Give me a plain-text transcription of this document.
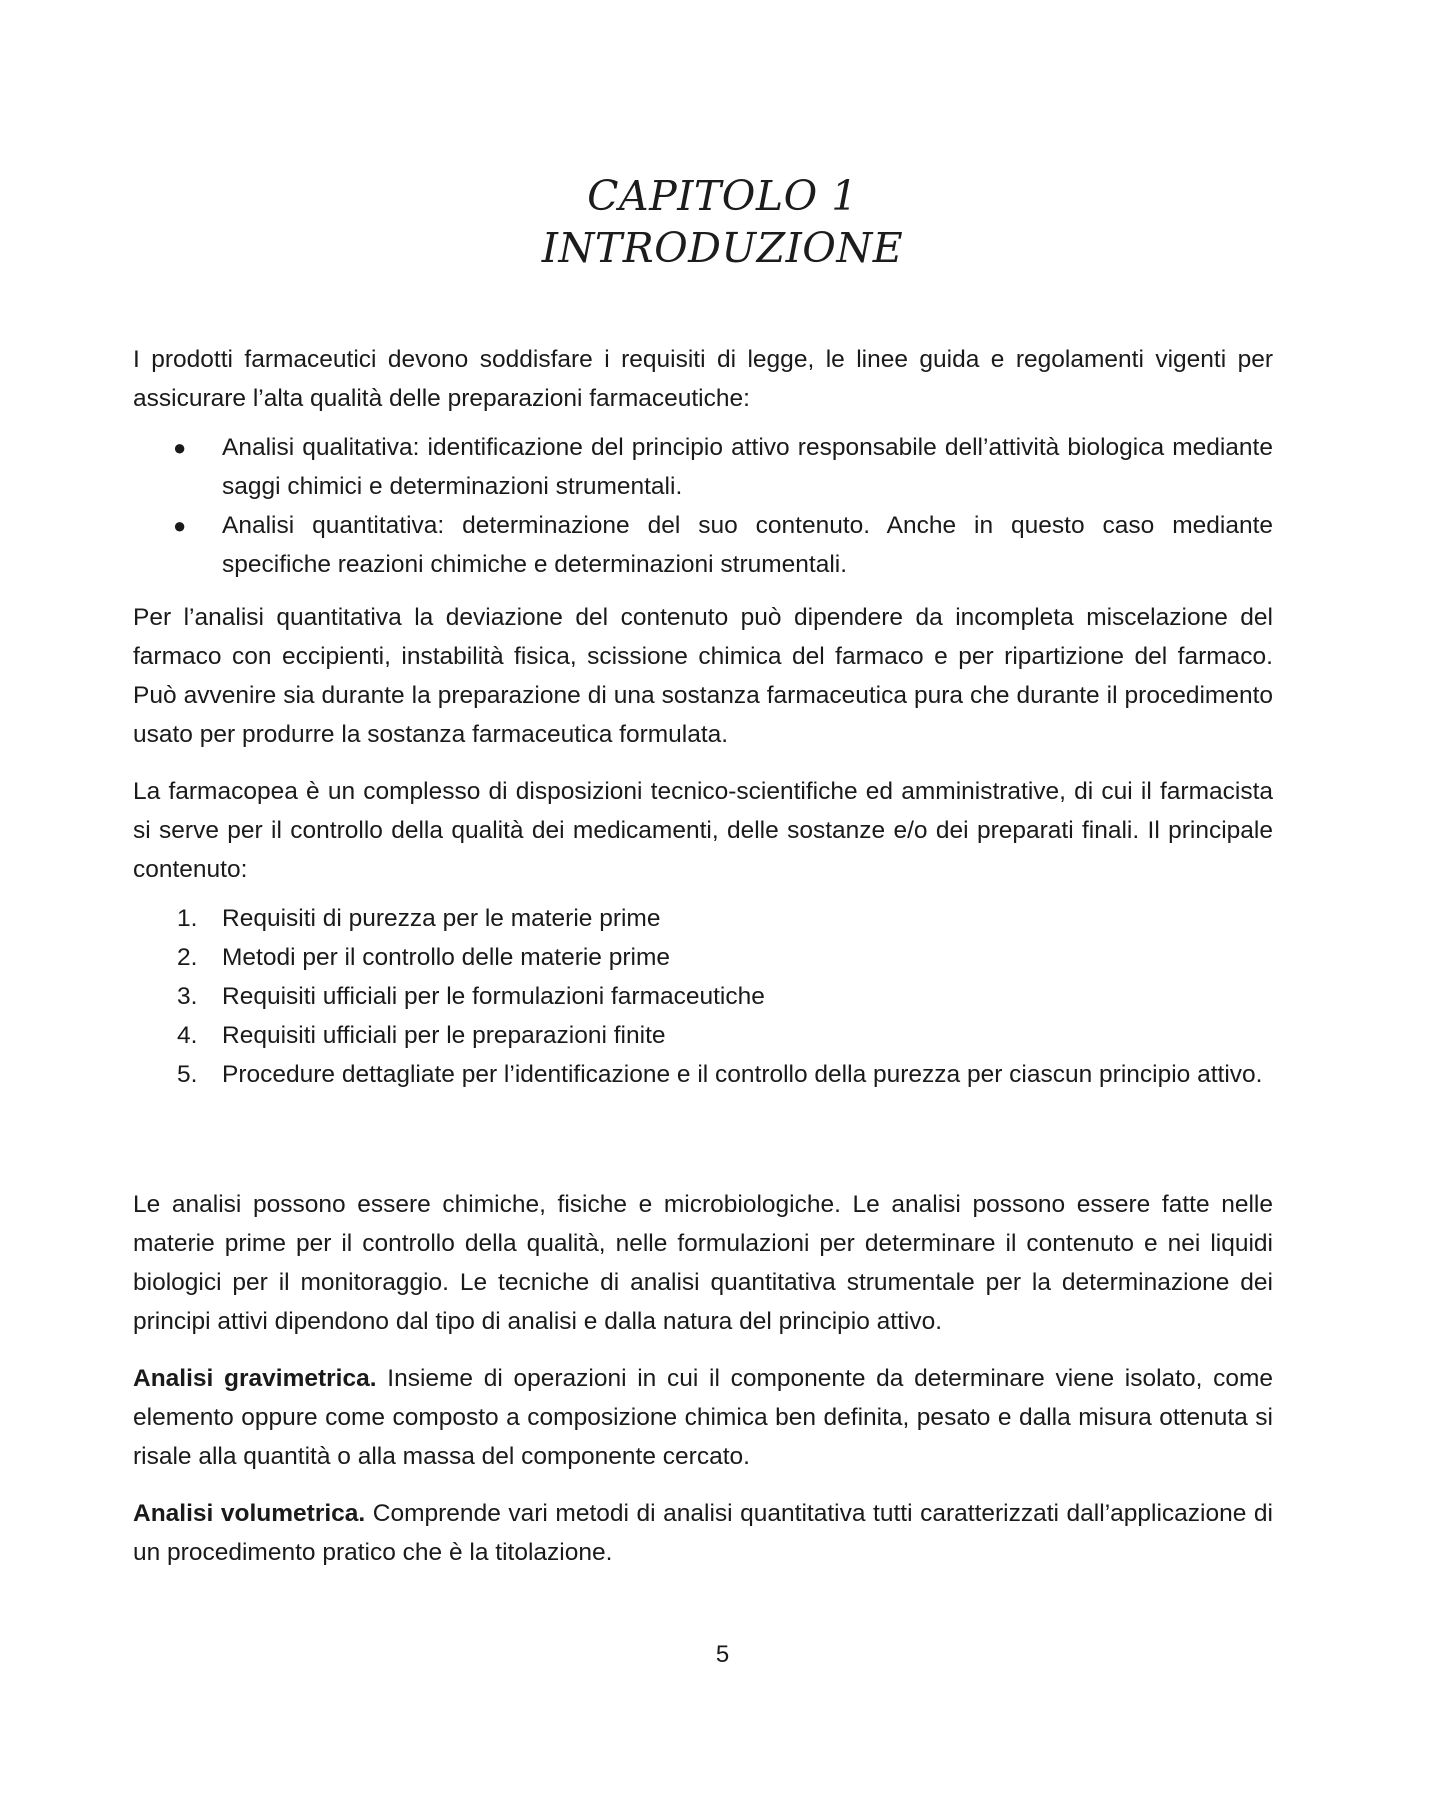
CAPITOLO 1
INTRODUZIONE

I prodotti farmaceutici devono soddisfare i requisiti di legge, le linee guida e regolamenti vigenti per assicurare l’alta qualità delle preparazioni farmaceutiche:

● Analisi qualitativa: identificazione del principio attivo responsabile dell’attività biologica mediante saggi chimici e determinazioni strumentali.
● Analisi quantitativa: determinazione del suo contenuto. Anche in questo caso mediante specifiche reazioni chimiche e determinazioni strumentali.

Per l’analisi quantitativa la deviazione del contenuto può dipendere da incompleta miscelazione del farmaco con eccipienti, instabilità fisica, scissione chimica del farmaco e per ripartizione del farmaco. Può avvenire sia durante la preparazione di una sostanza farmaceutica pura che durante il procedimento usato per produrre la sostanza farmaceutica formulata.

La farmacopea è un complesso di disposizioni tecnico-scientifiche ed amministrative, di cui il farmacista si serve per il controllo della qualità dei medicamenti, delle sostanze e/o dei preparati finali. Il principale contenuto:

1. Requisiti di purezza per le materie prime
2. Metodi per il controllo delle materie prime
3. Requisiti ufficiali per le formulazioni farmaceutiche
4. Requisiti ufficiali per le preparazioni finite
5. Procedure dettagliate per l’identificazione e il controllo della purezza per ciascun principio attivo.

Le analisi possono essere chimiche, fisiche e microbiologiche. Le analisi possono essere fatte nelle materie prime per il controllo della qualità, nelle formulazioni per determinare il contenuto e nei liquidi biologici per il monitoraggio. Le tecniche di analisi quantitativa strumentale per la determinazione dei principi attivi dipendono dal tipo di analisi e dalla natura del principio attivo.

Analisi gravimetrica. Insieme di operazioni in cui il componente da determinare viene isolato, come elemento oppure come composto a composizione chimica ben definita, pesato e dalla misura ottenuta si risale alla quantità o alla massa del componente cercato.

Analisi volumetrica. Comprende vari metodi di analisi quantitativa tutti caratterizzati dall’applicazione di un procedimento pratico che è la titolazione.

5
